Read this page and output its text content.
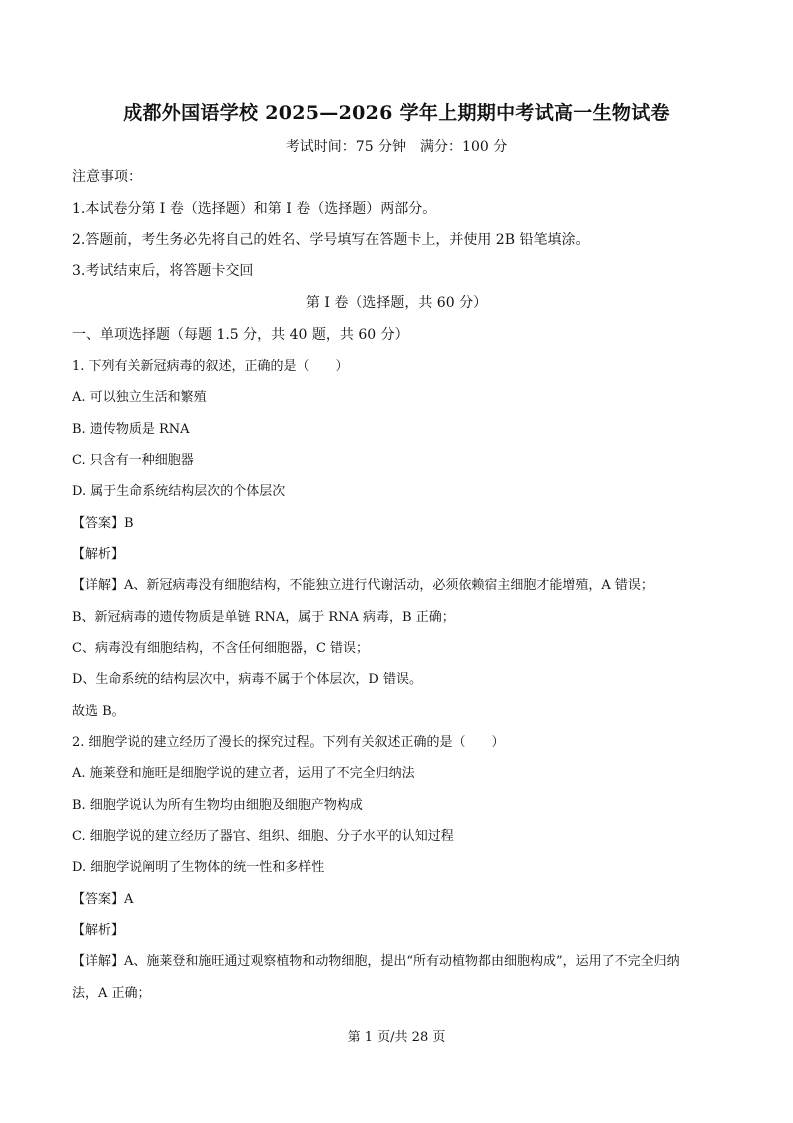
成都外国语学校 2025—2026 学年上期期中考试高一生物试卷
考试时间：75 分钟　满分：100 分
注意事项：
1.本试卷分第 I 卷（选择题）和第 I 卷（选择题）两部分。
2.答题前，考生务必先将自己的姓名、学号填写在答题卡上，并使用 2B 铅笔填涂。
3.考试结束后，将答题卡交回
第 I 卷（选择题，共 60 分）
一、单项选择题（每题 1.5 分，共 40 题，共 60 分）
1. 下列有关新冠病毒的叙述，正确的是（　　）
A. 可以独立生活和繁殖
B. 遗传物质是 RNA
C. 只含有一种细胞器
D. 属于生命系统结构层次的个体层次
【答案】B
【解析】
【详解】A、新冠病毒没有细胞结构，不能独立进行代谢活动，必须依赖宿主细胞才能增殖，A 错误；
B、新冠病毒的遗传物质是单链 RNA，属于 RNA 病毒，B 正确；
C、病毒没有细胞结构，不含任何细胞器，C 错误；
D、生命系统的结构层次中，病毒不属于个体层次，D 错误。
故选 B。
2. 细胞学说的建立经历了漫长的探究过程。下列有关叙述正确的是（　　）
A. 施莱登和施旺是细胞学说的建立者，运用了不完全归纳法
B. 细胞学说认为所有生物均由细胞及细胞产物构成
C. 细胞学说的建立经历了器官、组织、细胞、分子水平的认知过程
D. 细胞学说阐明了生物体的统一性和多样性
【答案】A
【解析】
【详解】A、施莱登和施旺通过观察植物和动物细胞，提出“所有动植物都由细胞构成”，运用了不完全归纳
法，A 正确；
第 1 页/共 28 页
